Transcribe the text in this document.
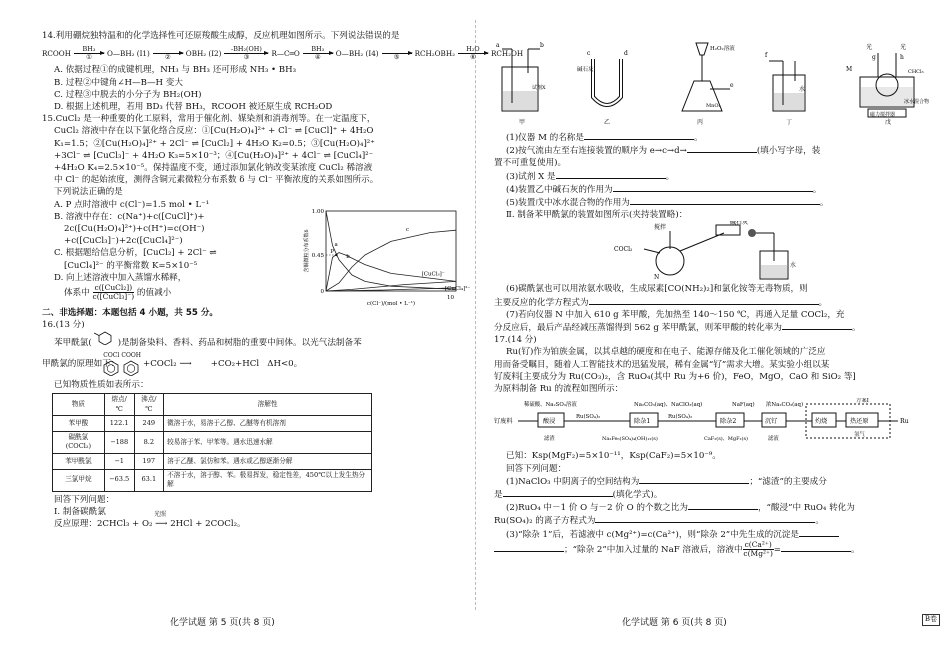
14.利用硼烷独特温和的化学选择性可还原羧酸生成醇，反应机理如图所示。下列说法错误的是

RCOOH BH₃
① O—BH₂ (I1)
② OBH₂ (I2) -BH₂(OH)
③	R—C═O BH₃
④ O—BH₂ (I4)
⑤ RCH₂OBH₂ H₂O
⑥ RCH₂OH

A. 依据过程①的成键机理，NH₃ 与 BH₃ 还可形成 NH₃ • BH₃

B. 过程②中键角∠H—B—H 变大

C. 过程③中脱去的小分子为 BH₂(OH)

D. 根据上述机理，若用 BD₃ 代替 BH₃，RCOOH 被还原生成 RCH₂OD

15.CuCl₂ 是一种重要的化工原料，常用于催化剂、媒染剂和消毒剂等。在一定温度下，

CuCl₂ 溶液中存在以下氯化络合反应：①[Cu(H₂O)₄]²⁺ + Cl⁻ ⇌ [CuCl]⁺ + 4H₂O

K₁=1.5；②[Cu(H₂O)₄]²⁺ + 2Cl⁻ ⇌ [CuCl₂] + 4H₂O K₂=0.5；③[Cu(H₂O)₄]²⁺

+3Cl⁻ ⇌ [CuCl₃]⁻ + 4H₂O K₃=5×10⁻³；④[Cu(H₂O)₄]²⁺ + 4Cl⁻ ⇌ [CuCl₄]²⁻

+4H₂O K₄=2.5×10⁻⁵。保持温度不变，通过添加氯化钠改变某浓度 CuCl₂ 稀溶液

中 Cl⁻ 的起始浓度，测得含铜元素微粒分布系数 δ 与 Cl⁻ 平衡浓度的关系如图所示。

下列说法正确的是

A. P 点时溶液中 c(Cl⁻)=1.5 mol • L⁻¹

B. 溶液中存在：c(Na⁺)+c([CuCl]⁺)+

2c([Cu(H₂O)₄]²⁺)+c(H⁺)=c(OH⁻)

+c([CuCl₃]⁻)+2c([CuCl₄]²⁻)

C. 根据题给信息分析，[CuCl₂] + 2Cl⁻ ⇌

[CuCl₄]²⁻ 的平衡常数 K=5×10⁻⁵

D. 向上述溶液中加入蒸馏水稀释，

体系中 $\frac{\text{c([CuCl₂])}}{\text{c([CuCl₃]⁻)}}$ 的值减小	0
0.45
1.00
10
c(Cl⁻)/(mol • L⁻¹)
含铜微粒分布系数δ	a
b
c
[CuCl₃]⁻
[CuCl₄]²⁻
P

二、非选择题：本题包括 4 小题，共 55 分。

16.(13 分)

苯甲酰氯(	)是制备染料、香料、药品和树脂的重要中间体。以光气法制备苯

甲酰氯的原理如下：
COOH
+COCl₂ ⟶       +CO₂+HCl   ΔH<0。
COCl

已知物质性质如表所示：

物质	熔点/℃	沸点/℃	溶解性
苯甲酸	122.1	249	微溶于水，易溶于乙醇、乙醚等有机溶剂
碳酰氯(COCl₂)	−188	8.2	较易溶于苯、甲苯等。遇水迅速水解
苯甲酰氯	−1	197	溶于乙醚、氯仿和苯。遇水或乙醇逐渐分解
三氯甲烷	−63.5	63.1	不溶于水，溶于醇、苯。极易挥发，稳定性差，450℃以上发生热分解

回答下列问题：

Ⅰ. 制备碳酰氯

反应原理：2CHCl₃ + O₂ ⟶ 2HCl + 2COCl₂。
光照

化学试题 第 5 页(共 8 页)
a	b
试剂X
甲
碱石灰
c	d
乙
H₂O₂溶液
e
MnO₂
丙
f
水
丁
光	光
g	h
M	CHCl₃
冰水混合物
磁力搅拌器
戊

(1)仪器 M 的名称是	。

(2)按气流由左至右连接装置的顺序为 e→c→d→	(填小写字母，装

置不可重复使用)。

(3)试剂 X 是	。

(4)装置乙中碱石灰的作用为	。

(5)装置戊中冰水混合物的作用为	。

Ⅱ. 制备苯甲酰氯的装置如图所示(夹持装置略)：

COCl₂
搅拌
碱石灰
N
水

(6)碳酰氯也可以用浓氨水吸收，生成尿素[CO(NH₂)₂]和氯化铵等无毒物质，则

主要反应的化学方程式为	。

(7)若向仪器 N 中加入 610 g 苯甲酸，先加热至 140～150 ℃，再通入足量 COCl₂，充

分反应后，最后产品经减压蒸馏得到 562 g 苯甲酰氯，则苯甲酸的转化率为	。

17.(14 分)

Ru(钌)作为铂族金属，以其卓越的硬度和在电子、能源存储及化工催化领域的广泛应

用而备受瞩目，随着人工智能技术的迅猛发展，稀有金属“钌”需求大增。某实验小组以某

钌废料[主要成分为 Ru(CO₃)₂，含 RuO₄(其中 Ru 为+6 价)，FeO，MgO，CaO 和 SiO₂ 等]

为原料制备 Ru 的流程如图所示：

钌废料
稀硫酸、Na₂SO₃溶液	Na₂CO₃(aq)、NaClO₃(aq)	NaF(aq) 浓Na₂CO₃(aq)
酸浸
Ru(SO₄)₂
除杂1
Ru(SO₄)₂
除杂2	沉钌
方案Ⅰ
灼烧	热还原
氢气
Ru
滤渣	Na₂Fe₆(SO₄)₄(OH)₁₂(s)	CaF₂(s)、MgF₂(s)	滤液

已知：Ksp(MgF₂)=5×10⁻¹¹，Ksp(CaF₂)=5×10⁻⁹。

回答下列问题：

(1)NaClO₃ 中阴离子的空间结构为	；“滤渣”的主要成分

是	(填化学式)。

(2)RuO₄ 中－1 价 O 与－2 价 O 的个数之比为	，“酸浸”中 RuO₄ 转化为

Ru(SO₄)₂ 的离子方程式为	。

(3)“除杂 1”后，若滤液中 c(Mg²⁺)=c(Ca²⁺)，则“除杂 2”中先生成的沉淀是

；“除杂 2”中加入过量的 NaF 溶液后，溶液中 $\frac{\text{c(Ca²⁺)}}{\text{c(Mg²⁺)}}$ =	。

化学试题 第 6 页(共 8 页)	B卷
